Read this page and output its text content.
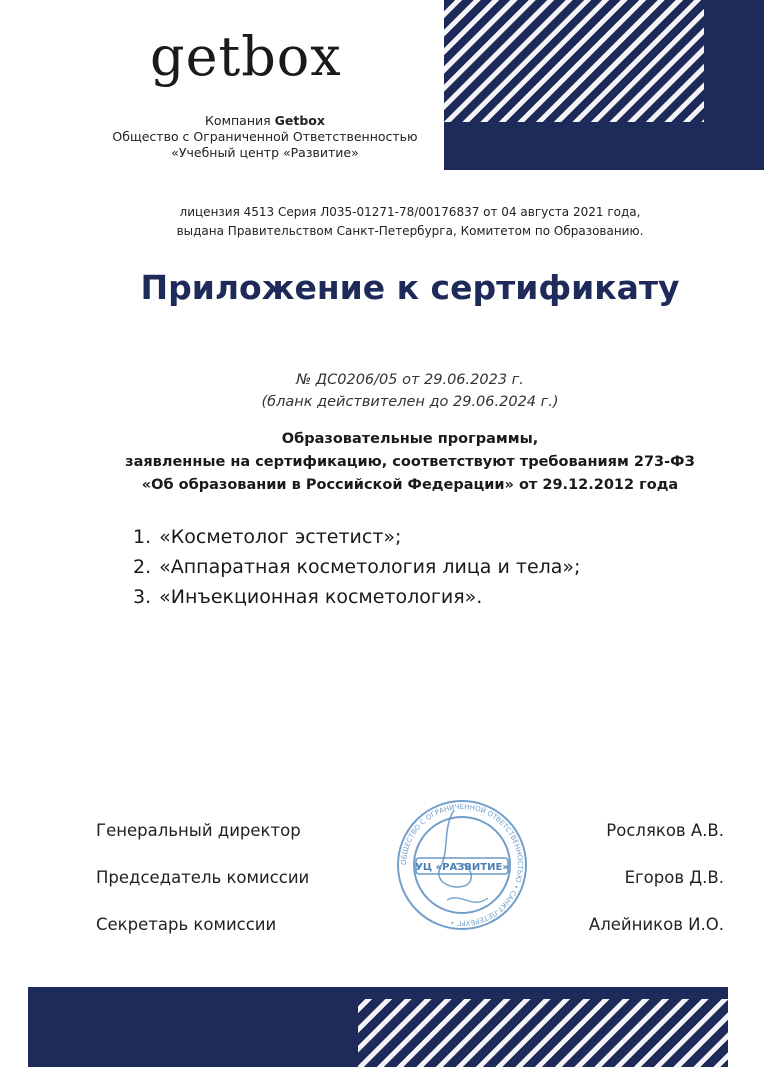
getbox
Компания Getbox
Общество с Ограниченной Ответственностью
«Учебный центр «Развитие»
лицензия 4513 Серия Л035-01271-78/00176837 от 04 августа 2021 года,
выдана Правительством Санкт-Петербурга, Комитетом по Образованию.
Приложение к сертификату
№ ДС0206/05 от 29.06.2023 г.
(бланк действителен до 29.06.2024 г.)
Образовательные программы,
заявленные на сертификацию, соответствуют требованиям 273-ФЗ
«Об образовании в Российской Федерации» от 29.12.2012 года
1. «Косметолог эстетист»;
2. «Аппаратная косметология лица и тела»;
3. «Инъекционная косметология».
Генеральный директор
Председатель комиссии
Секретарь комиссии
Росляков А.В.
Егоров Д.В.
Алейников И.О.
ОБЩЕСТВО С ОГРАНИЧЕННОЙ ОТВЕТСТВЕННОСТЬЮ • САНКТ-ПЕТЕРБУРГ •
УЦ «РАЗВИТИЕ»
